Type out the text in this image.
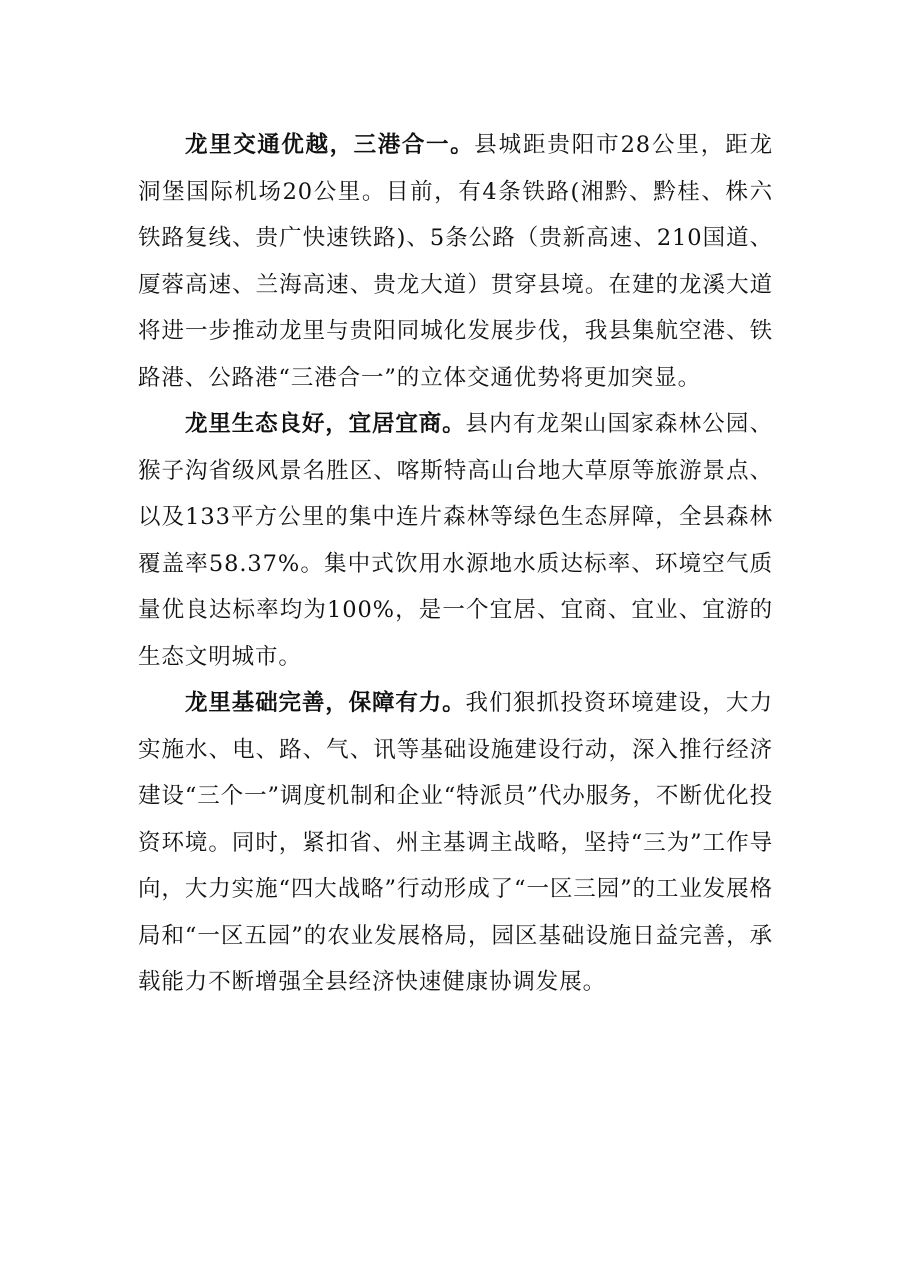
龙里交通优越，三港合一。县城距贵阳市28公里，距龙洞堡国际机场20公里。目前，有4条铁路(湘黔、黔桂、株六铁路复线、贵广快速铁路)、5条公路（贵新高速、210国道、厦蓉高速、兰海高速、贵龙大道）贯穿县境。在建的龙溪大道将进一步推动龙里与贵阳同城化发展步伐，我县集航空港、铁路港、公路港“三港合一”的立体交通优势将更加突显。

龙里生态良好，宜居宜商。县内有龙架山国家森林公园、猴子沟省级风景名胜区、喀斯特高山台地大草原等旅游景点、以及133平方公里的集中连片森林等绿色生态屏障，全县森林覆盖率58.37%。集中式饮用水源地水质达标率、环境空气质量优良达标率均为100%，是一个宜居、宜商、宜业、宜游的生态文明城市。

龙里基础完善，保障有力。我们狠抓投资环境建设，大力实施水、电、路、气、讯等基础设施建设行动，深入推行经济建设“三个一”调度机制和企业“特派员”代办服务，不断优化投资环境。同时，紧扣省、州主基调主战略，坚持“三为”工作导向，大力实施“四大战略”行动形成了“一区三园”的工业发展格局和“一区五园”的农业发展格局，园区基础设施日益完善，承载能力不断增强全县经济快速健康协调发展。
